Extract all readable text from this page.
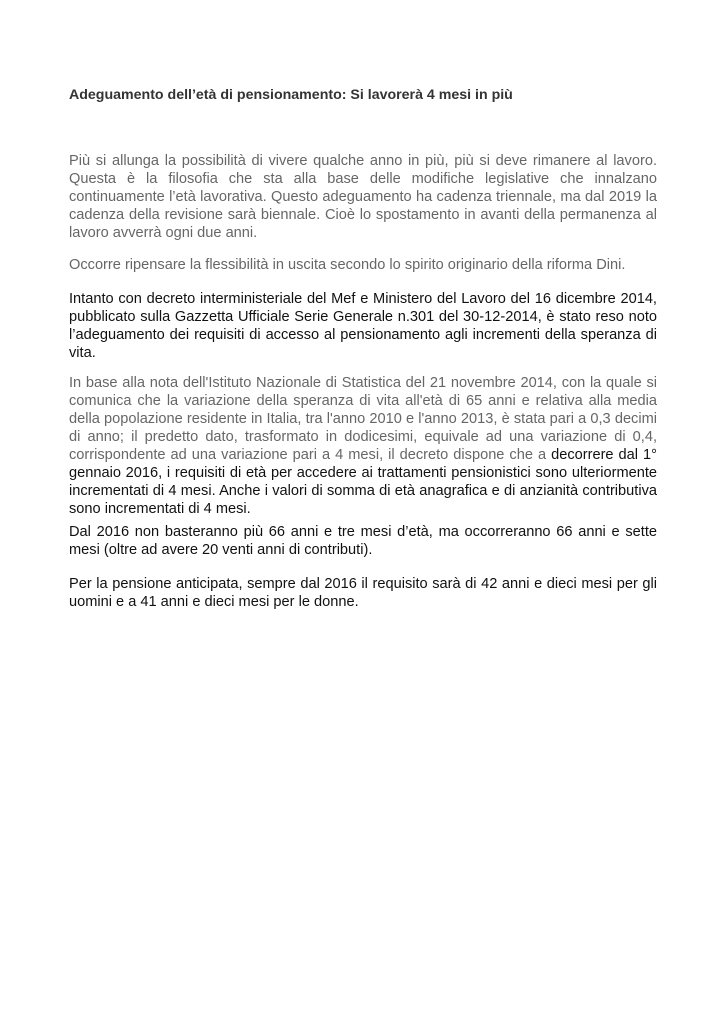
Adeguamento dell’età di pensionamento: Si lavorerà 4 mesi in più

Più si allunga la possibilità di vivere qualche anno in più, più si deve rimanere al lavoro. Questa è la filosofia che sta alla base delle modifiche legislative che innalzano continuamente l’età lavorativa. Questo adeguamento ha cadenza triennale, ma dal 2019 la cadenza della revisione sarà biennale. Cioè lo spostamento in avanti della permanenza al lavoro avverrà ogni due anni.

Occorre ripensare la flessibilità in uscita secondo lo spirito originario della riforma Dini.

Intanto con decreto interministeriale del Mef e Ministero del Lavoro del 16 dicembre 2014, pubblicato sulla Gazzetta Ufficiale Serie Generale n.301 del 30-12-2014, è stato reso noto l’adeguamento dei requisiti di accesso al pensionamento agli incrementi della speranza di vita.

In base alla nota dell'Istituto Nazionale di Statistica del 21 novembre 2014, con la quale si comunica che la variazione della speranza di vita all'età di 65 anni e relativa alla media della popolazione residente in Italia, tra l'anno 2010 e l'anno 2013, è stata pari a 0,3 decimi di anno; il predetto dato, trasformato in dodicesimi, equivale ad una variazione di 0,4, corrispondente ad una variazione pari a 4 mesi, il decreto dispone che a decorrere dal 1° gennaio 2016, i requisiti di età per accedere ai trattamenti pensionistici sono ulteriormente incrementati di 4 mesi. Anche i valori di somma di età anagrafica e di anzianità contributiva sono incrementati di 4 mesi.

Dal 2016 non basteranno più 66 anni e tre mesi d’età, ma occorreranno 66 anni e sette mesi (oltre ad avere 20 venti anni di contributi).

Per la pensione anticipata, sempre dal 2016 il requisito sarà di 42 anni e dieci mesi per gli uomini e a 41 anni e dieci mesi per le donne.
